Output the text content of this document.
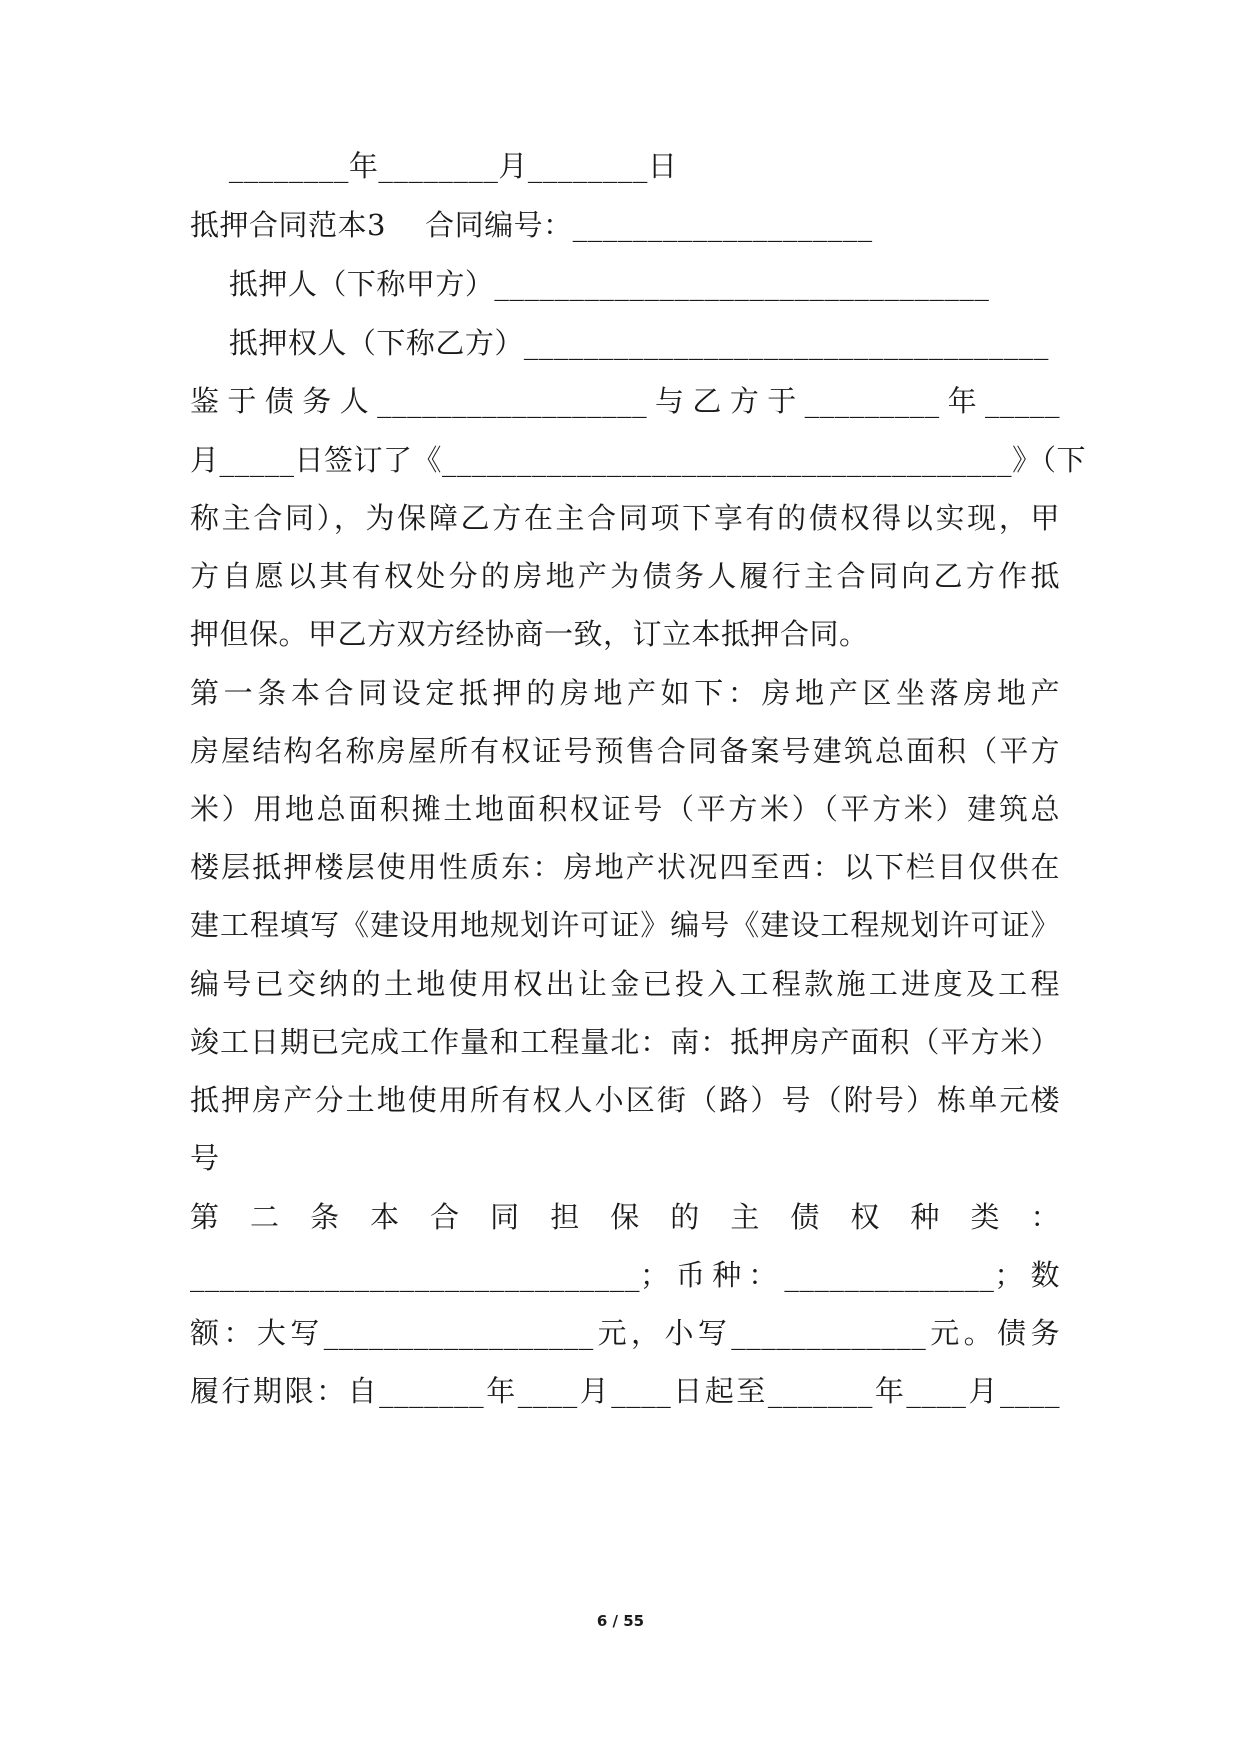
________年________月________日
抵押合同范本3　 合同编号：____________________
抵押人（下称甲方）_________________________________
抵押权人（下称乙方）___________________________________
鉴于债务人__________________与乙方于_________年_____
月_____日签订了《______________________________________》（下
称主合同），为保障乙方在主合同项下享有的债权得以实现，甲
方自愿以其有权处分的房地产为债务人履行主合同向乙方作抵
押但保。甲乙方双方经协商一致，订立本抵押合同。
第一条本合同设定抵押的房地产如下：房地产区坐落房地产
房屋结构名称房屋所有权证号预售合同备案号建筑总面积（平方
米）用地总面积摊土地面积权证号（平方米）（平方米）建筑总
楼层抵押楼层使用性质东：房地产状况四至西：以下栏目仅供在
建工程填写《建设用地规划许可证》编号《建设工程规划许可证》
编号已交纳的土地使用权出让金已投入工程款施工进度及工程
竣工日期已完成工作量和工程量北：南：抵押房产面积（平方米）
抵押房产分土地使用所有权人小区街（路）号（附号）栋单元楼
号
第 二 条 本 合 同 担 保 的 主 债 权 种 类 ：
______________________________；币种：______________；数
额：大写__________________元，小写_____________元。债务
履行期限：自_______年____月____日起至_______年____月____
6 / 55
